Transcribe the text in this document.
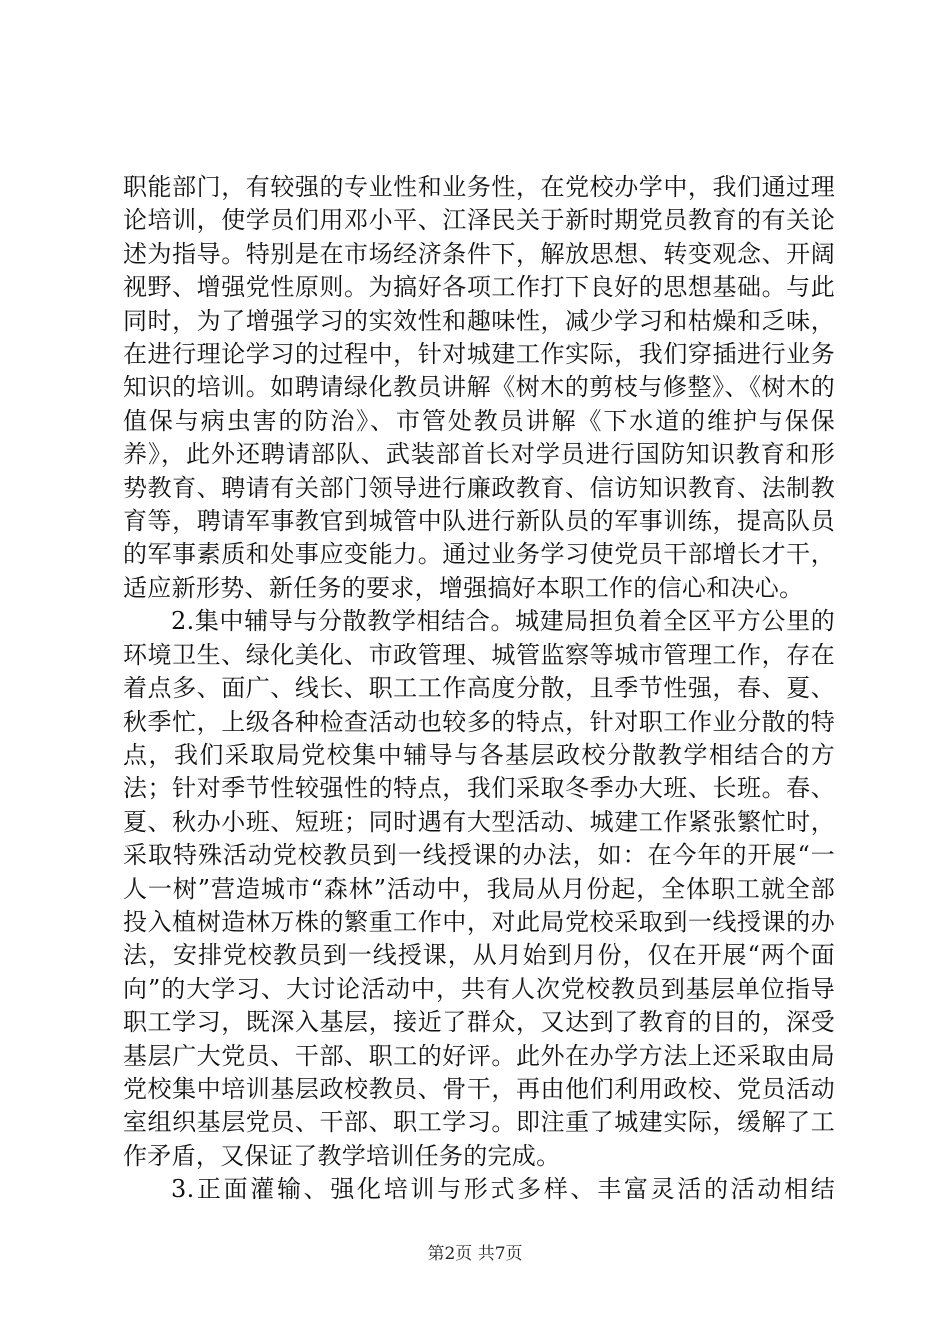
职能部门，有较强的专业性和业务性，在党校办学中，我们通过理论培训，使学员们用邓小平、江泽民关于新时期党员教育的有关论述为指导。特别是在市场经济条件下，解放思想、转变观念、开阔视野、增强党性原则。为搞好各项工作打下良好的思想基础。与此同时，为了增强学习的实效性和趣味性，减少学习和枯燥和乏味，在进行理论学习的过程中，针对城建工作实际，我们穿插进行业务知识的培训。如聘请绿化教员讲解《树木的剪枝与修整》、《树木的值保与病虫害的防治》、市管处教员讲解《下水道的维护与保保养》，此外还聘请部队、武装部首长对学员进行国防知识教育和形势教育、聘请有关部门领导进行廉政教育、信访知识教育、法制教育等，聘请军事教官到城管中队进行新队员的军事训练，提高队员的军事素质和处事应变能力。通过业务学习使党员干部增长才干，适应新形势、新任务的要求，增强搞好本职工作的信心和决心。

2.集中辅导与分散教学相结合。城建局担负着全区平方公里的环境卫生、绿化美化、市政管理、城管监察等城市管理工作，存在着点多、面广、线长、职工工作高度分散，且季节性强，春、夏、秋季忙，上级各种检查活动也较多的特点，针对职工作业分散的特点，我们采取局党校集中辅导与各基层政校分散教学相结合的方法；针对季节性较强性的特点，我们采取冬季办大班、长班。春、夏、秋办小班、短班；同时遇有大型活动、城建工作紧张繁忙时，采取特殊活动党校教员到一线授课的办法，如：在今年的开展“一人一树”营造城市“森林”活动中，我局从月份起，全体职工就全部投入植树造林万株的繁重工作中，对此局党校采取到一线授课的办法，安排党校教员到一线授课，从月始到月份，仅在开展“两个面向”的大学习、大讨论活动中，共有人次党校教员到基层单位指导职工学习，既深入基层，接近了群众，又达到了教育的目的，深受基层广大党员、干部、职工的好评。此外在办学方法上还采取由局党校集中培训基层政校教员、骨干，再由他们利用政校、党员活动室组织基层党员、干部、职工学习。即注重了城建实际，缓解了工作矛盾，又保证了教学培训任务的完成。

3.正面灌输、强化培训与形式多样、丰富灵活的活动相结

第2页 共7页
